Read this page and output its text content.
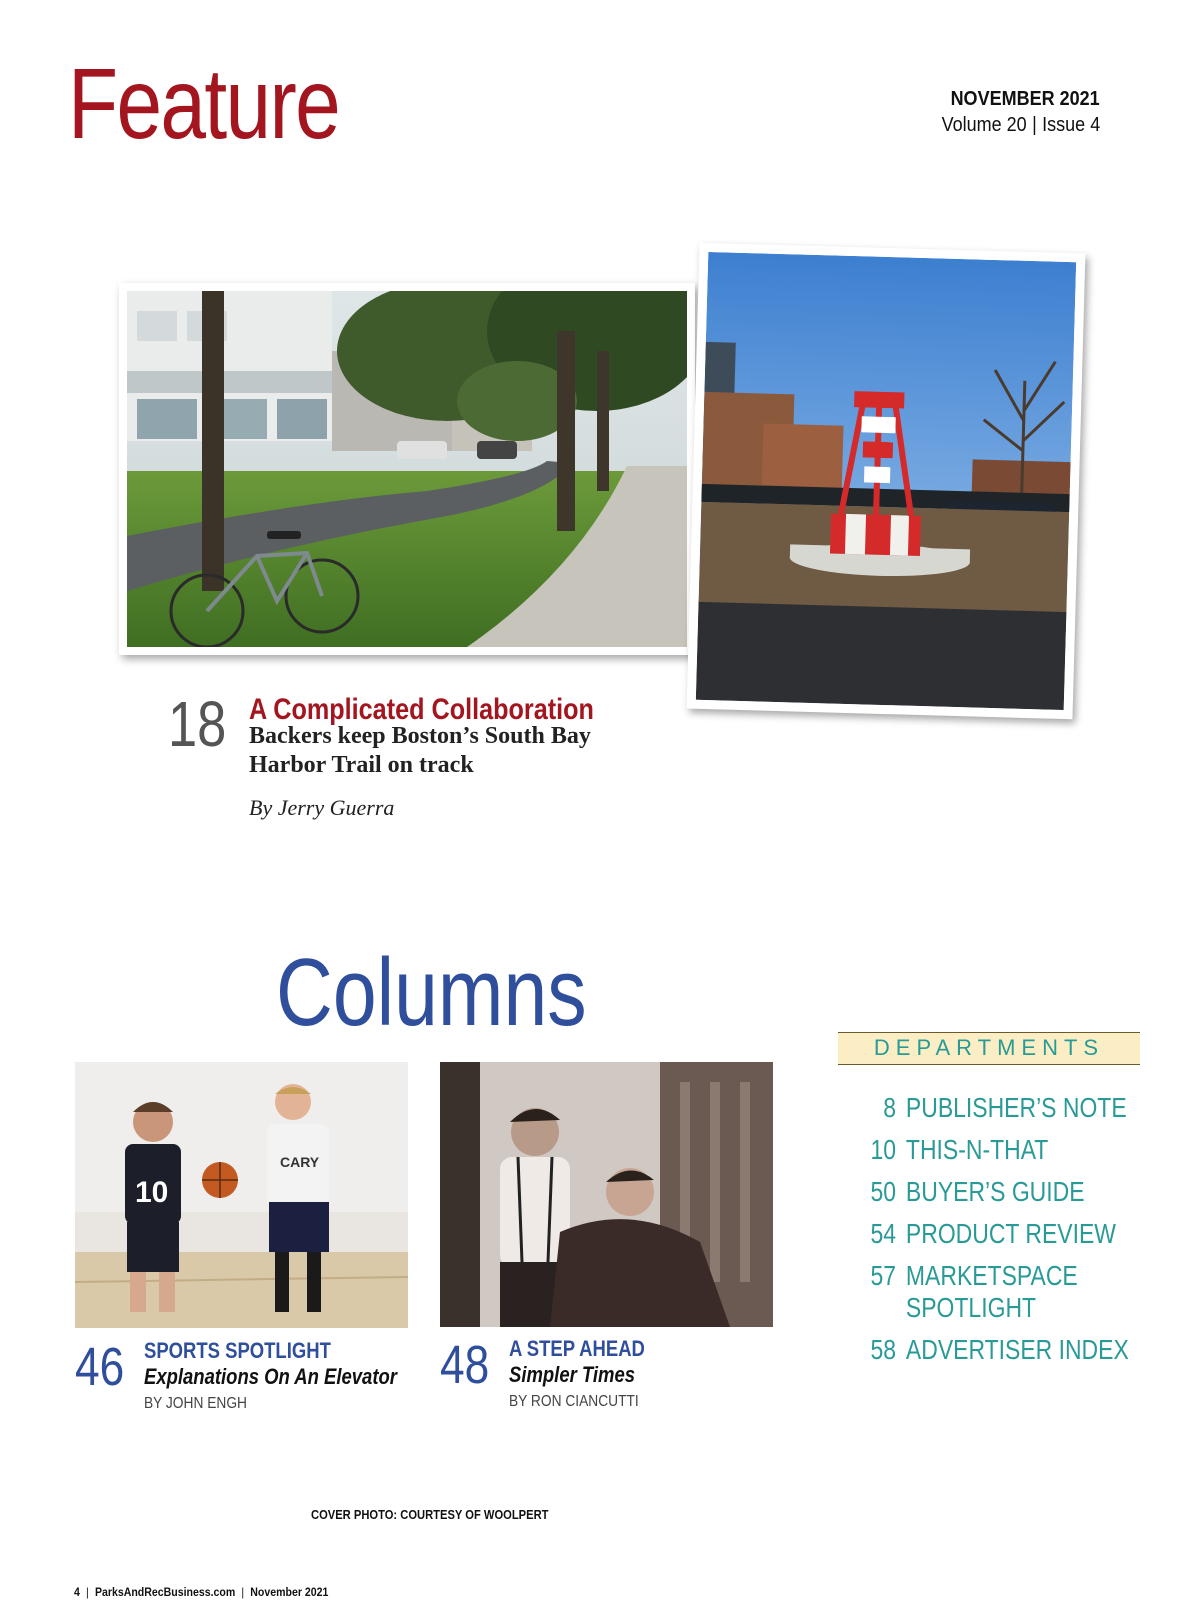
Feature	NOVEMBER 2021
Volume 20 | Issue 4
18 A Complicated Collaboration
Backers keep Boston’s South Bay Harbor Trail on track
By Jerry Guerra
Columns
10
CARY
46 SPORTS SPOTLIGHT
Explanations On An Elevator
BY JOHN ENGH
48 A STEP AHEAD
Simpler Times
BY RON CIANCUTTI
DEPARTMENTS
8 PUBLISHER’S NOTE
10 THIS-N-THAT
50 BUYER’S GUIDE
54 PRODUCT REVIEW
57 MARKETSPACE
SPOTLIGHT
58 ADVERTISER INDEX
COVER PHOTO: COURTESY OF WOOLPERT
4 | ParksAndRecBusiness.com | November 2021
